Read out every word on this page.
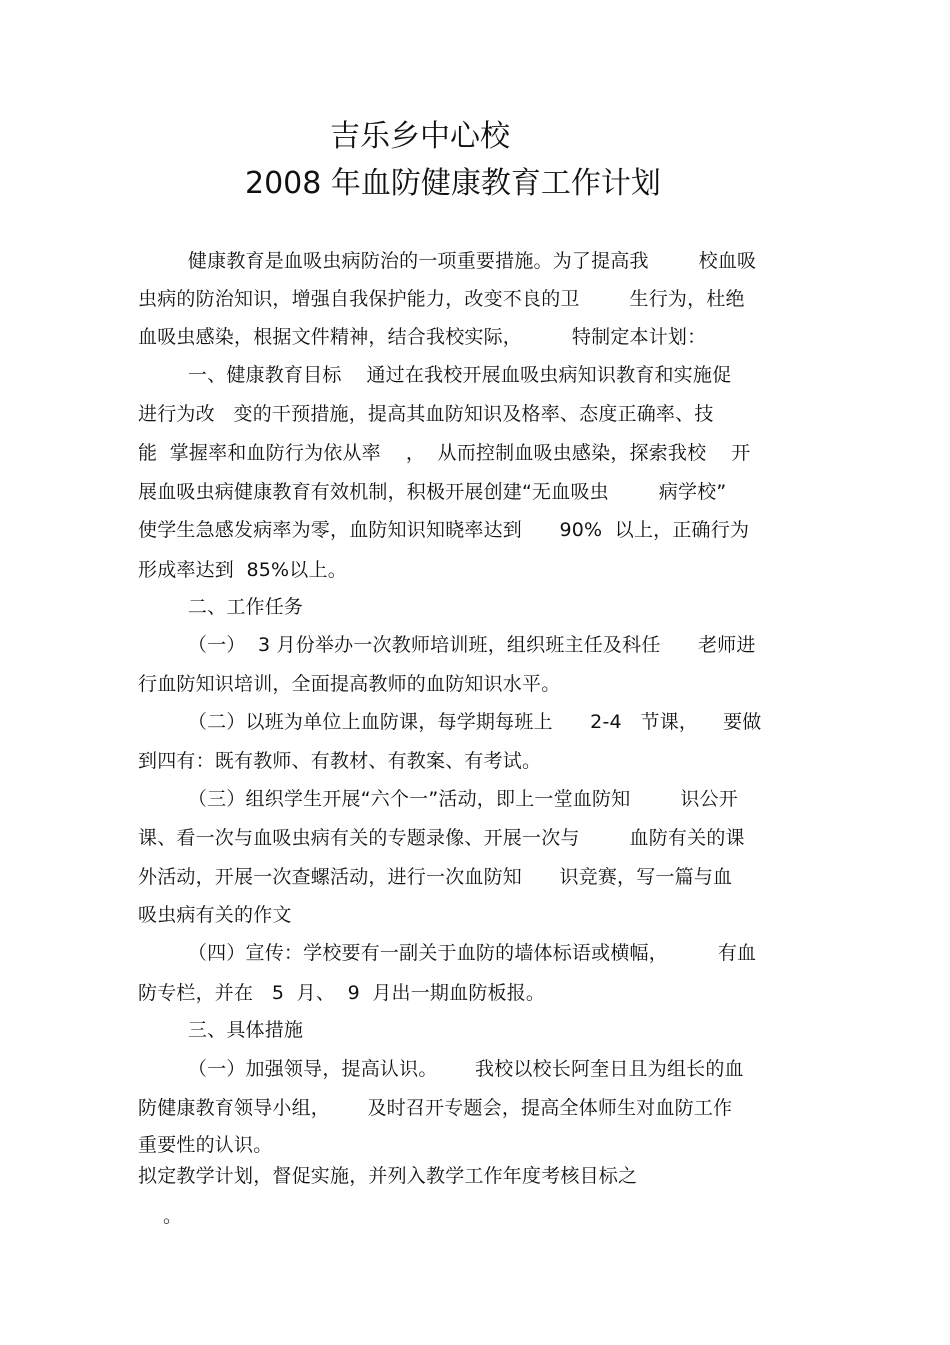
吉乐乡中心校
2008 年血防健康教育工作计划
健康教育是血吸虫病防治的一项重要措施。为了提高我        校血吸
虫病的防治知识，增强自我保护能力，改变不良的卫        生行为，杜绝
血吸虫感染，根据文件精神，结合我校实际，        特制定本计划：
一、健康教育目标    通过在我校开展血吸虫病知识教育和实施促
进行为改   变的干预措施，提高其血防知识及格率、态度正确率、技
能  掌握率和血防行为依从率    ，  从而控制血吸虫感染，探索我校    开
展血吸虫病健康教育有效机制，积极开展创建“无血吸虫        病学校”
使学生急感发病率为零，血防知识知晓率达到      90%  以上，正确行为
形成率达到  85%以上。
二、工作任务
（一）  3 月份举办一次教师培训班，组织班主任及科任      老师进
行血防知识培训，全面提高教师的血防知识水平。
（二）以班为单位上血防课，每学期每班上      2-4   节课，    要做
到四有：既有教师、有教材、有教案、有考试。
（三）组织学生开展“六个一”活动，即上一堂血防知        识公开
课、看一次与血吸虫病有关的专题录像、开展一次与        血防有关的课
外活动，开展一次查螺活动，进行一次血防知      识竞赛，写一篇与血
吸虫病有关的作文
（四）宣传：学校要有一副关于血防的墙体标语或横幅，        有血
防专栏，并在   5  月、  9  月出一期血防板报。
三、具体措施
（一）加强领导，提高认识。      我校以校长阿奎日且为组长的血
防健康教育领导小组，      及时召开专题会，提高全体师生对血防工作
重要性的认识。
拟定教学计划，督促实施，并列入教学工作年度考核目标之
。
